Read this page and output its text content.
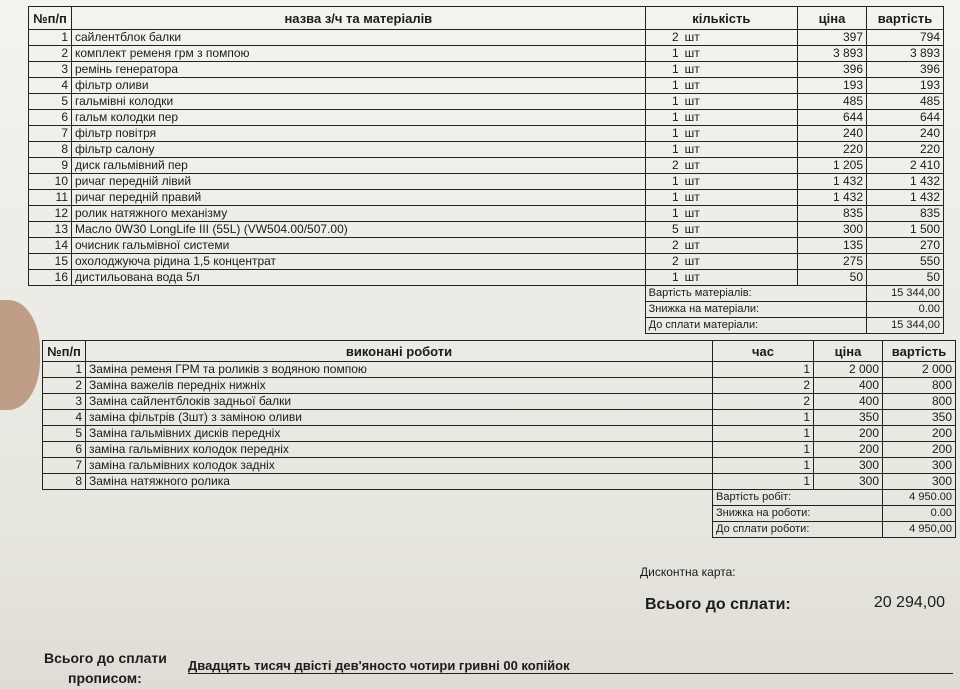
№п/п	назва з/ч та матеріалів	кількість		ціна	вартість
1	сайлентблок балки	2	шт	397	794
2	комплект ременя грм з помпою	1	шт	3 893	3 893
3	ремінь генератора	1	шт	396	396
4	фільтр оливи	1	шт	193	193
5	гальмівні колодки	1	шт	485	485
6	гальм колодки пер	1	шт	644	644
7	фільтр повітря	1	шт	240	240
8	фільтр салону	1	шт	220	220
9	диск гальмівний пер	2	шт	1 205	2 410
10	ричаг передній лівий	1	шт	1 432	1 432
11	ричаг передній правий	1	шт	1 432	1 432
12	ролик натяжного механізму	1	шт	835	835
13	Масло 0W30 LongLife III (55L) (VW504.00/507.00)	5	шт	300	1 500
14	очисник гальмівної системи	2	шт	135	270
15	охолоджуюча рідина 1,5 концентрат	2	шт	275	550
16	дистильована вода 5л	1	шт	50	50
		Вартість матеріалів:			15 344,00
		Знижка на матеріали:			0.00
		До сплати матеріали:			15 344,00
№п/п	виконані роботи	час	ціна	вартість
1	Заміна ременя ГРМ та роликів з водяною помпою	1	2 000	2 000
2	Заміна важелів передніх нижніх	2	400	800
3	Заміна сайлентблоків задньої балки	2	400	800
4	заміна фільтрів (3шт) з заміною оливи	1	350	350
5	Заміна гальмівних дисків передніх	1	200	200
6	заміна гальмівних колодок передніх	1	200	200
7	заміна гальмівних колодок задніх	1	300	300
8	Заміна натяжного ролика	1	300	300
		Вартість робіт:		4 950.00
		Знижка на роботи:		0.00
		До сплати роботи:		4 950,00
Дисконтна карта:
Всього до сплати:	20 294,00
Всього до сплати
прописом:
Двадцять тисяч двісті дев'яносто чотири гривні 00 копійок
